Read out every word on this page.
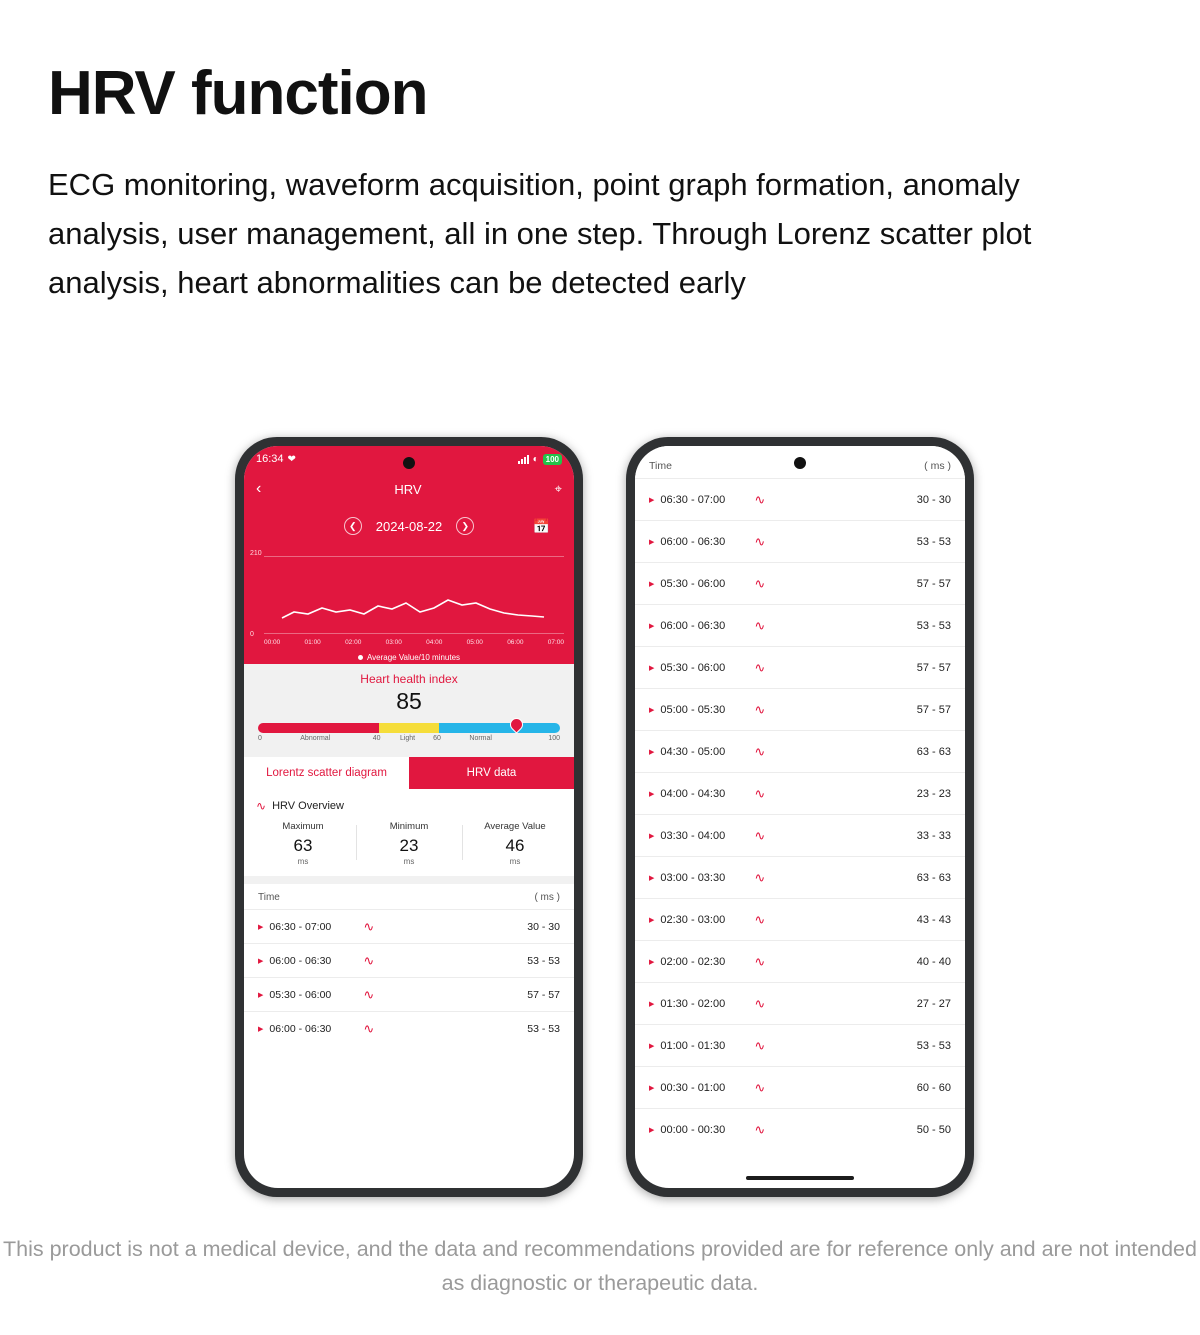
HRV function
ECG monitoring, waveform acquisition, point graph formation, anomaly analysis, user management, all in one step. Through Lorenz scatter plot analysis, heart abnormalities can be detected early
16:34 ❤	◐ 100
‹	HRV	⌖
❮	2024-08-22	❯	📅
210
0
00:00	01:00	02:00	03:00	04:00	05:00	06:00	07:00
Average Value/10 minutes
Heart health index
85
0	Abnormal	40	Light	60	Normal	100
Lorentz scatter diagram	HRV data
∿ HRV Overview
Maximum
63
ms
Minimum
23
ms
Average Value
46
ms
Time	( ms )
▶ 06:30 - 07:00	∿	30 - 30
▶ 06:00 - 06:30	∿	53 - 53
▶ 05:30 - 06:00	∿	57 - 57
▶ 06:00 - 06:30	∿	53 - 53
Time	( ms )
▶ 06:30 - 07:00	∿	30 - 30
▶ 06:00 - 06:30	∿	53 - 53
▶ 05:30 - 06:00	∿	57 - 57
▶ 06:00 - 06:30	∿	53 - 53
▶ 05:30 - 06:00	∿	57 - 57
▶ 05:00 - 05:30	∿	57 - 57
▶ 04:30 - 05:00	∿	63 - 63
▶ 04:00 - 04:30	∿	23 - 23
▶ 03:30 - 04:00	∿	33 - 33
▶ 03:00 - 03:30	∿	63 - 63
▶ 02:30 - 03:00	∿	43 - 43
▶ 02:00 - 02:30	∿	40 - 40
▶ 01:30 - 02:00	∿	27 - 27
▶ 01:00 - 01:30	∿	53 - 53
▶ 00:30 - 01:00	∿	60 - 60
▶ 00:00 - 00:30	∿	50 - 50
This product is not a medical device, and the data and recommendations provided are for reference only and are not intended as diagnostic or therapeutic data.
